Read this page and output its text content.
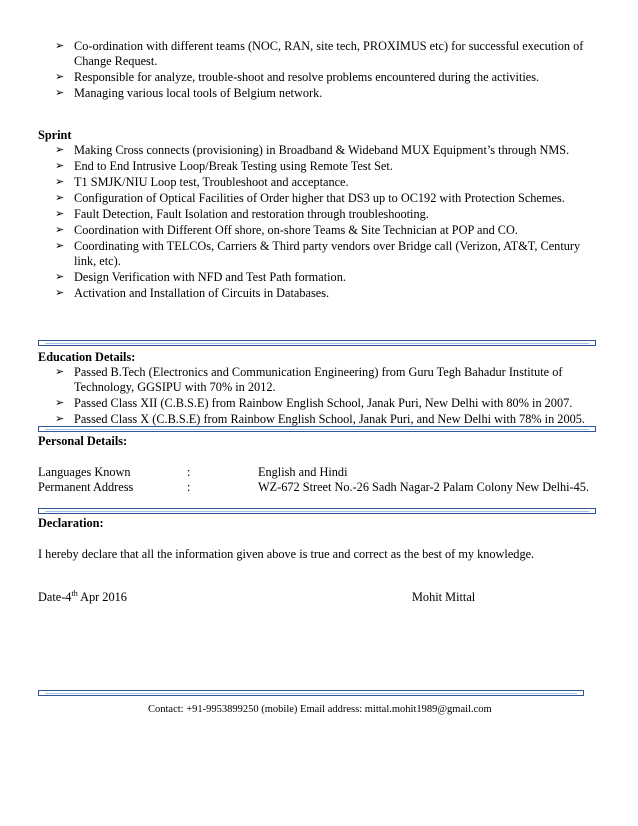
➢ Co-ordination with different teams (NOC, RAN, site tech, PROXIMUS etc) for successful execution of Change Request.
➢ Responsible for analyze, trouble-shoot and resolve problems encountered during the activities.
➢ Managing various local tools of Belgium network.
Sprint
➢ Making Cross connects (provisioning) in Broadband & Wideband MUX Equipment’s through NMS.
➢ End to End Intrusive Loop/Break Testing using Remote Test Set.
➢ T1 SMJK/NIU Loop test, Troubleshoot and acceptance.
➢ Configuration of Optical Facilities of Order higher that DS3 up to OC192 with Protection Schemes.
➢ Fault Detection, Fault Isolation and restoration through troubleshooting.
➢ Coordination with Different Off shore, on-shore Teams & Site Technician at POP and CO.
➢ Coordinating with TELCOs, Carriers & Third party vendors over Bridge call (Verizon, AT&T, Century link, etc).
➢ Design Verification with NFD and Test Path formation.
➢ Activation and Installation of Circuits in Databases.
Education Details:
➢ Passed B.Tech (Electronics and Communication Engineering) from Guru Tegh Bahadur Institute of Technology, GGSIPU with 70% in 2012.
➢ Passed Class XII (C.B.S.E) from Rainbow English School, Janak Puri, New Delhi with 80% in 2007.
➢ Passed Class X (C.B.S.E) from Rainbow English School, Janak Puri, and New Delhi with 78% in 2005.
Personal Details:
Languages Known	:	English and Hindi
Permanent Address	:	WZ-672 Street No.-26 Sadh Nagar-2 Palam Colony New Delhi-45.
Declaration:
I hereby declare that all the information given above is true and correct as the best of my knowledge.
Date-4th Apr 2016	Mohit Mittal
Contact: +91-9953899250 (mobile) Email address: mittal.mohit1989@gmail.com
